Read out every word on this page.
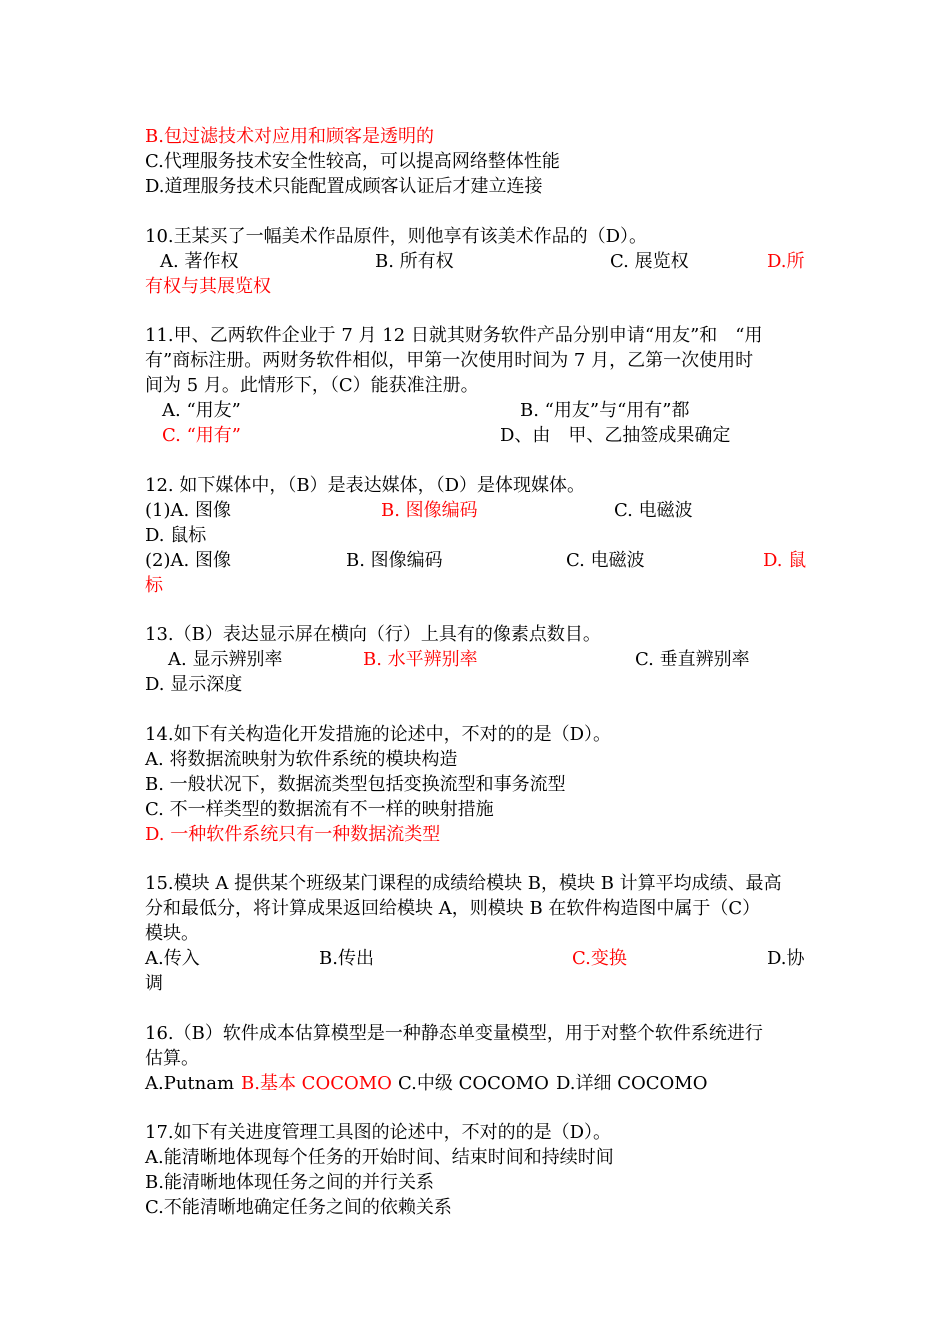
B.包过滤技术对应用和顾客是透明的
C.代理服务技术安全性较高，可以提高网络整体性能
D.道理服务技术只能配置成顾客认证后才建立连接
10.王某买了一幅美术作品原件，则他享有该美术作品的（D）。
A. 著作权	B. 所有权	C. 展览权	D.所
有权与其展览权
11.甲、乙两软件企业于 7 月 12 日就其财务软件产品分别申请“用友”和　“用
有”商标注册。两财务软件相似，甲第一次使用时间为 7 月，乙第一次使用时
间为 5 月。此情形下，（C）能获准注册。
A. “用友”	B. “用友”与“用有”都
C. “用有”	D、由　甲、乙抽签成果确定
12. 如下媒体中，（B）是表达媒体，（D）是体现媒体。
(1)A. 图像	B. 图像编码	C. 电磁波
D. 鼠标
(2)A. 图像	B. 图像编码	C. 电磁波	D. 鼠
标
13.（B）表达显示屏在横向（行）上具有的像素点数目。
A. 显示辨别率	B. 水平辨别率	C. 垂直辨别率
D. 显示深度
14.如下有关构造化开发措施的论述中，不对的的是（D）。
A. 将数据流映射为软件系统的模块构造
B. 一般状况下，数据流类型包括变换流型和事务流型
C. 不一样类型的数据流有不一样的映射措施
D. 一种软件系统只有一种数据流类型
15.模块 A 提供某个班级某门课程的成绩给模块 B，模块 B 计算平均成绩、最高
分和最低分，将计算成果返回给模块 A，则模块 B 在软件构造图中属于（C）
模块。
A.传入	B.传出	C.变换	D.协
调
16.（B）软件成本估算模型是一种静态单变量模型，用于对整个软件系统进行
估算。
A.Putnam B.基本 COCOMO C.中级 COCOMO D.详细 COCOMO
17.如下有关进度管理工具图的论述中，不对的的是（D）。
A.能清晰地体现每个任务的开始时间、结束时间和持续时间
B.能清晰地体现任务之间的并行关系
C.不能清晰地确定任务之间的依赖关系
